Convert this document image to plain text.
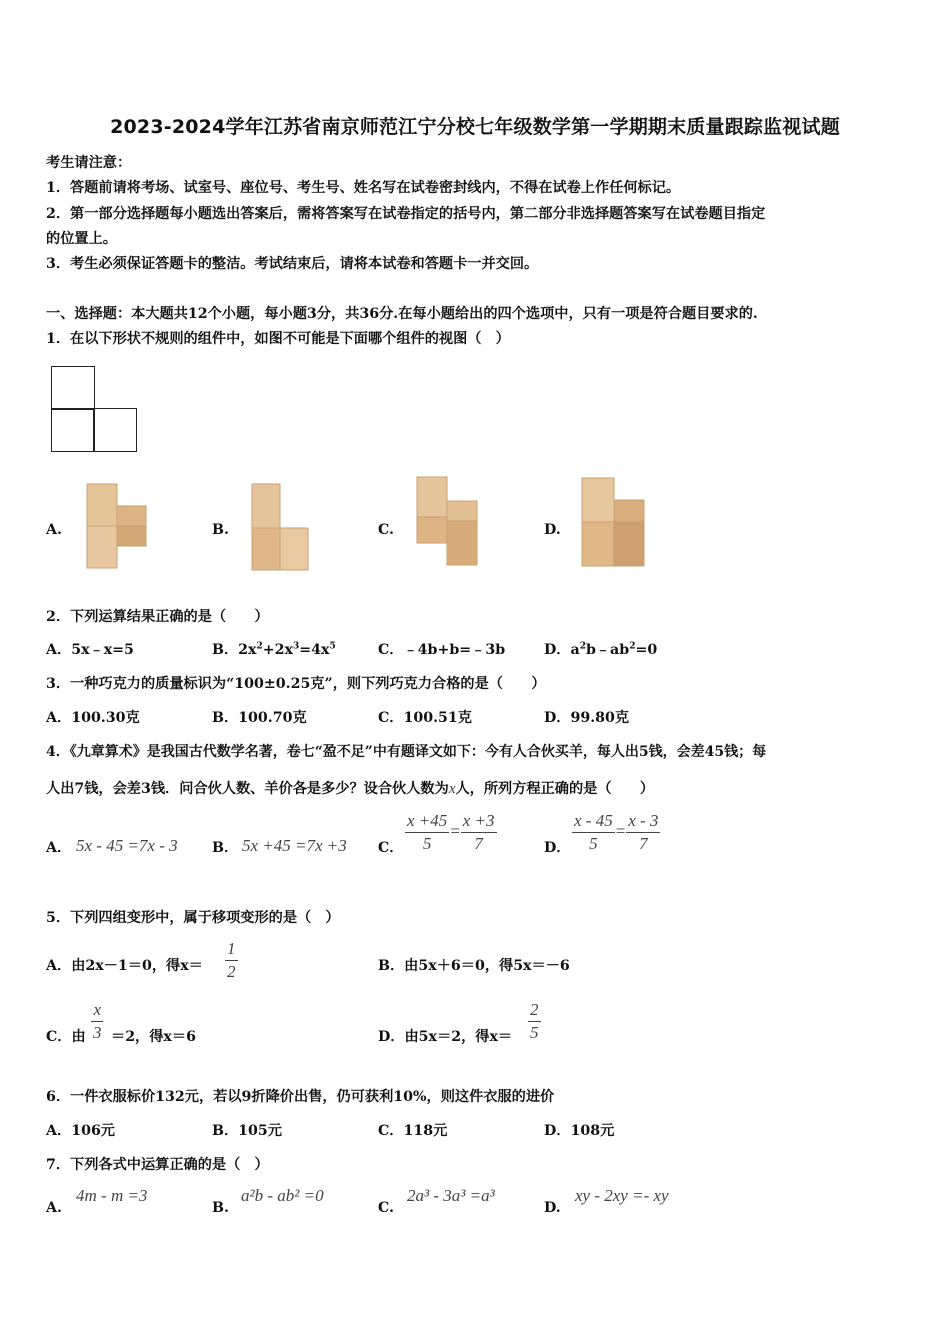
2023-2024学年江苏省南京师范江宁分校七年级数学第一学期期末质量跟踪监视试题
考生请注意：
1．答题前请将考场、试室号、座位号、考生号、姓名写在试卷密封线内，不得在试卷上作任何标记。
2．第一部分选择题每小题选出答案后，需将答案写在试卷指定的括号内，第二部分非选择题答案写在试卷题目指定
的位置上。
3．考生必须保证答题卡的整洁。考试结束后，请将本试卷和答题卡一并交回。
一、选择题：本大题共12个小题，每小题3分，共36分.在每小题给出的四个选项中，只有一项是符合题目要求的.
1．在以下形状不规则的组件中，如图不可能是下面哪个组件的视图（　）
A.	B.	C.	D.
2．下列运算结果正确的是（　　）
A．5x﹣x=5	B．$2x^2+2x^3=4x^5$	C．﹣4b+b=﹣3b	D．$a^2b﹣ab^2=0$
3．一种巧克力的质量标识为“100±0.25克”，则下列巧克力合格的是（　　）
A．100.30克	B．100.70克	C．100.51克	D．99.80克
4．《九章算术》是我国古代数学名著，卷七“盈不足”中有题译文如下：今有人合伙买羊，每人出5钱，会差45钱；每
人出7钱，会差3钱．问合伙人数、羊价各是多少？设合伙人数为x人，所列方程正确的是（　　）
A． 5x - 45 =7x - 3 B． 5x +45 =7x +3 C． $\frac{x +45}{5} = \frac{x +3}{7}$	D． $\frac{x - 45}{5} = \frac{x - 3}{7}$
5．下列四组变形中，属于移项变形的是（　）
A．由2x－1＝0，得$x= \frac{1}{2}$	B．由5x＋6＝0，得5x＝－6
C．由 $\frac{x}{3} =2$，得x＝6	D．由5x＝2，得$x= \frac{2}{5}$
6．一件衣服标价132元，若以9折降价出售，仍可获利10%，则这件衣服的进价
A．106元	B．105元	C．118元	D．108元
7．下列各式中运算正确的是（　）
A.
4m - m =3
B.
a²b - ab² =0
C.
2a³ - 3a³ =a³
D.
xy - 2xy =- xy
